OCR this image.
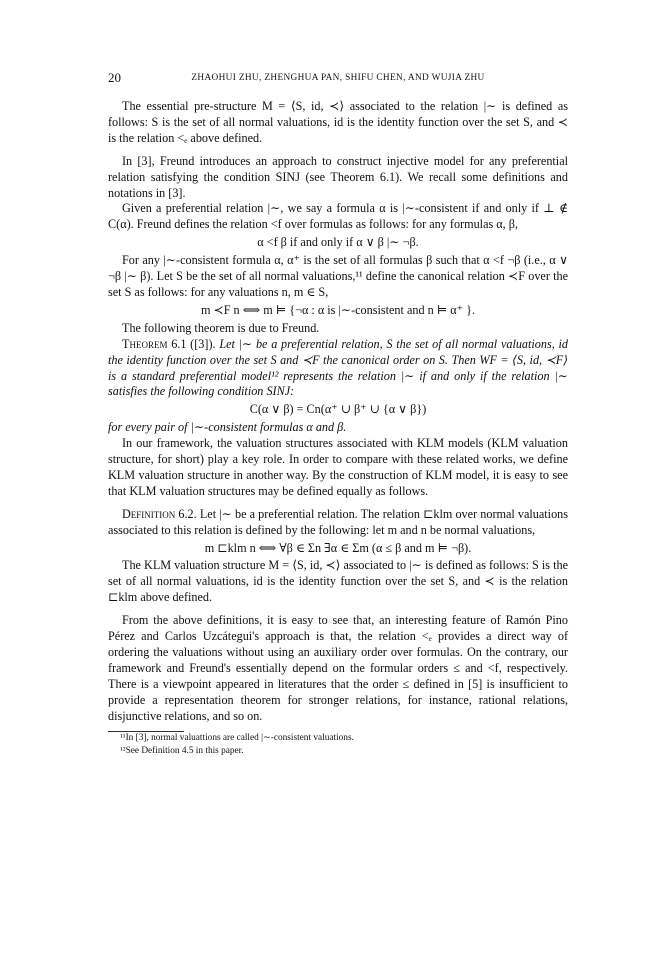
20	ZHAOHUI ZHU, ZHENGHUA PAN, SHIFU CHEN, AND WUJIA ZHU

The essential pre-structure M = ⟨S, id, ≺⟩ associated to the relation |∼ is defined as follows: S is the set of all normal valuations, id is the identity function over the set S, and ≺ is the relation <ₑ above defined.

In [3], Freund introduces an approach to construct injective model for any preferential relation satisfying the condition SINJ (see Theorem 6.1). We recall some definitions and notations in [3].

Given a preferential relation |∼, we say a formula α is |∼-consistent if and only if ⊥ ∉ C(α). Freund defines the relation <f over formulas as follows: for any formulas α, β,

α <f β if and only if α ∨ β |∼ ¬β.

For any |∼-consistent formula α, α⁺ is the set of all formulas β such that α <f ¬β (i.e., α ∨ ¬β |∼ β). Let S be the set of all normal valuations,¹¹ define the canonical relation ≺F over the set S as follows: for any valuations n, m ∈ S,

m ≺F n ⟺ m ⊨ {¬α : α is |∼-consistent and n ⊨ α⁺ }.

The following theorem is due to Freund.

Theorem 6.1 ([3]). Let |∼ be a preferential relation, S the set of all normal valuations, id the identity function over the set S and ≺F the canonical order on S. Then WF = ⟨S, id, ≺F⟩ is a standard preferential model¹² represents the relation |∼ if and only if the relation |∼ satisfies the following condition SINJ:

C(α ∨ β) = Cn(α⁺ ∪ β⁺ ∪ {α ∨ β})

for every pair of |∼-consistent formulas α and β.

In our framework, the valuation structures associated with KLM models (KLM valuation structure, for short) play a key role. In order to compare with these related works, we define KLM valuation structure in another way. By the construction of KLM model, it is easy to see that KLM valuation structures may be defined equally as follows.

Definition 6.2. Let |∼ be a preferential relation. The relation ⊏klm over normal valuations associated to this relation is defined by the following: let m and n be normal valuations,

m ⊏klm n ⟺ ∀β ∈ Σn ∃α ∈ Σm (α ≤ β and m ⊨ ¬β).

The KLM valuation structure M = ⟨S, id, ≺⟩ associated to |∼ is defined as follows: S is the set of all normal valuations, id is the identity function over the set S, and ≺ is the relation ⊏klm above defined.

From the above definitions, it is easy to see that, an interesting feature of Ramón Pino Pérez and Carlos Uzcátegui's approach is that, the relation <ₑ provides a direct way of ordering the valuations without using an auxiliary order over formulas. On the contrary, our framework and Freund's essentially depend on the formular orders ≤ and <f, respectively. There is a viewpoint appeared in literatures that the order ≤ defined in [5] is insufficient to provide a representation theorem for stronger relations, for instance, rational relations, disjunctive relations, and so on.

¹¹In [3], normal valuattions are called |∼-consistent valuations.

¹²See Definition 4.5 in this paper.
